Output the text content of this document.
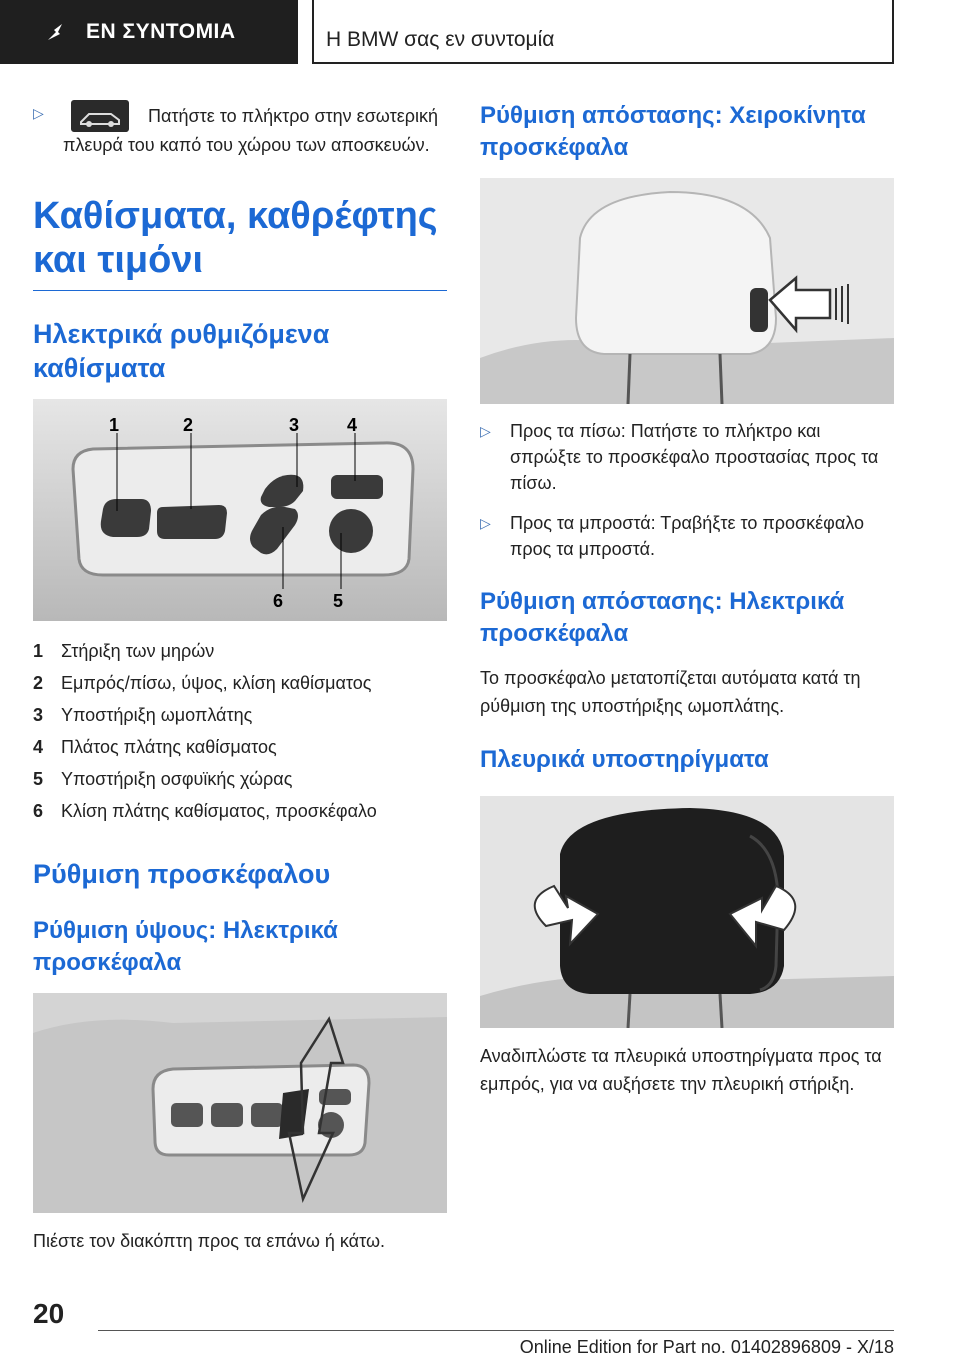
ΕΝ ΣΥΝΤΟΜΙΑ	Η BMW σας εν συντομία
▷	Πατήστε το πλήκτρο στην εσωτερική πλευρά του καπό του χώρου των αποσκευών.
Καθίσματα, καθρέφτης και τιμόνι
Ηλεκτρικά ρυθμιζόμενα καθίσματα
1	2	3	4
5
6
1 Στήριξη των μηρών
2 Εμπρός/πίσω, ύψος, κλίση καθίσματος
3 Υποστήριξη ωμοπλάτης
4 Πλάτος πλάτης καθίσματος
5 Υποστήριξη οσφυϊκής χώρας
6 Κλίση πλάτης καθίσματος, προσκέφαλο
Ρύθμιση προσκέφαλου
Ρύθμιση ύψους: Ηλεκτρικά προσκέφαλα

Πιέστε τον διακόπτη προς τα επάνω ή κάτω.

Ρύθμιση απόστασης: Χειροκίνητα προσκέφαλα
▷ Προς τα πίσω: Πατήστε το πλήκτρο και σπρώξτε το προσκέφαλο προστασίας προς τα πίσω.
▷ Προς τα μπροστά: Τραβήξτε το προσκέφαλο προς τα μπροστά.
Ρύθμιση απόστασης: Ηλεκτρικά προσκέφαλα

Το προσκέφαλο μετατοπίζεται αυτόματα κατά τη ρύθμιση της υποστήριξης ωμοπλάτης.

Πλευρικά υποστηρίγματα

Αναδιπλώστε τα πλευρικά υποστηρίγματα προς τα εμπρός, για να αυξήσετε την πλευρική στήριξη.

20
Online Edition for Part no. 01402896809 - X/18
